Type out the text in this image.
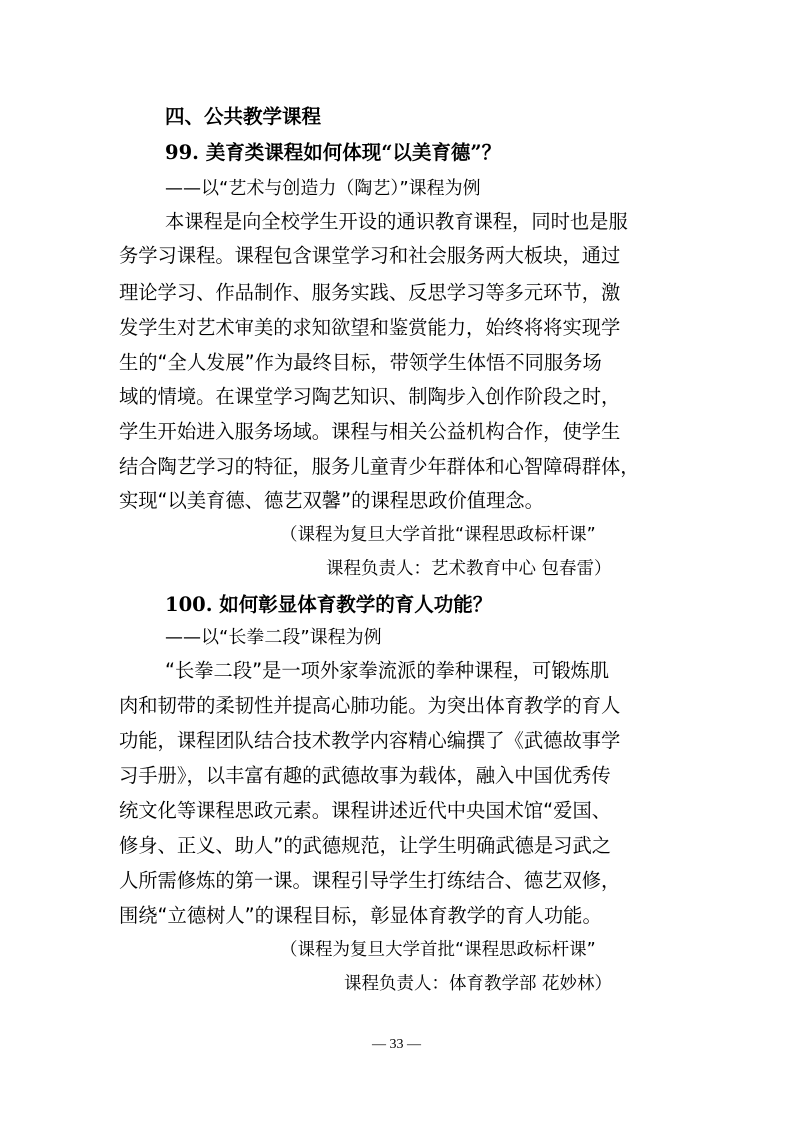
四、公共教学课程
99. 美育类课程如何体现“以美育德”？
——以“艺术与创造力（陶艺）”课程为例
本课程是向全校学生开设的通识教育课程，同时也是服
务学习课程。课程包含课堂学习和社会服务两大板块，通过
理论学习、作品制作、服务实践、反思学习等多元环节，激
发学生对艺术审美的求知欲望和鉴赏能力，始终将将实现学
生的“全人发展”作为最终目标，带领学生体悟不同服务场
域的情境。在课堂学习陶艺知识、制陶步入创作阶段之时，
学生开始进入服务场域。课程与相关公益机构合作，使学生
结合陶艺学习的特征，服务儿童青少年群体和心智障碍群体，
实现“以美育德、德艺双馨”的课程思政价值理念。
（课程为复旦大学首批“课程思政标杆课”
课程负责人：艺术教育中心 包春雷）
100. 如何彰显体育教学的育人功能？
——以“长拳二段”课程为例
“长拳二段”是一项外家拳流派的拳种课程，可锻炼肌
肉和韧带的柔韧性并提高心肺功能。为突出体育教学的育人
功能，课程团队结合技术教学内容精心编撰了《武德故事学
习手册》，以丰富有趣的武德故事为载体，融入中国优秀传
统文化等课程思政元素。课程讲述近代中央国术馆“爱国、
修身、正义、助人”的武德规范，让学生明确武德是习武之
人所需修炼的第一课。课程引导学生打练结合、德艺双修，
围绕“立德树人”的课程目标，彰显体育教学的育人功能。
（课程为复旦大学首批“课程思政标杆课”
课程负责人：体育教学部 花妙林）
— 33 —
